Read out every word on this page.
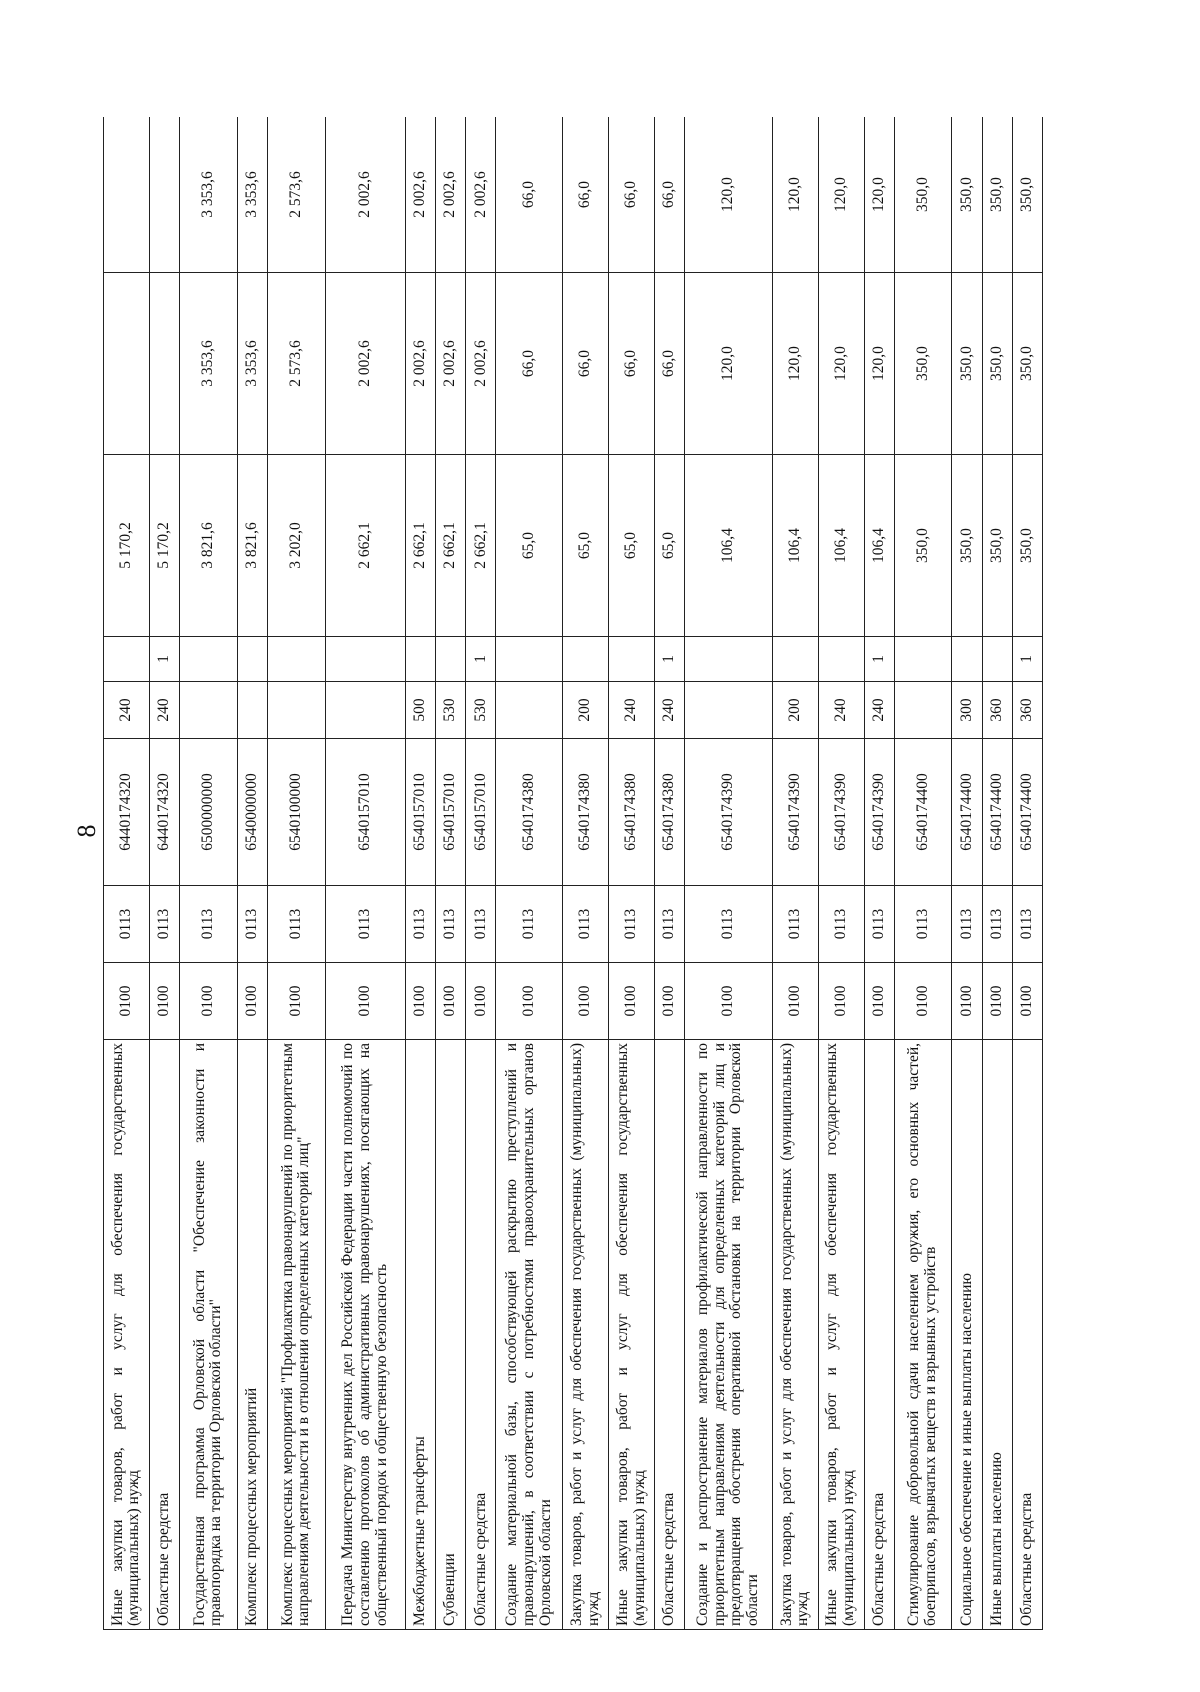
8
Иные закупки товаров, работ и услуг для обеспечения государственных (муниципальных) нужд	0100	0113	6440174320	240		5 170,2		
Областные средства	0100	0113	6440174320	240	1	5 170,2		
Государственная программа Орловской области "Обеспечение законности и правопорядка на территории Орловской области"	0100	0113	6500000000			3 821,6	3 353,6	3 353,6
Комплекс процессных мероприятий	0100	0113	6540000000			3 821,6	3 353,6	3 353,6
Комплекс процессных мероприятий "Профилактика правонарушений по приоритетным направлениям деятельности и в отношении определенных категорий лиц"	0100	0113	6540100000			3 202,0	2 573,6	2 573,6
Передача Министерству внутренних дел Российской Федерации части полномочий по составлению протоколов об административных правонарушениях, посягающих на общественный порядок и общественную безопасность	0100	0113	6540157010			2 662,1	2 002,6	2 002,6
Межбюджетные трансферты	0100	0113	6540157010	500		2 662,1	2 002,6	2 002,6
Субвенции	0100	0113	6540157010	530		2 662,1	2 002,6	2 002,6
Областные средства	0100	0113	6540157010	530	1	2 662,1	2 002,6	2 002,6
Создание материальной базы, способствующей раскрытию преступлений и правонарушений, в соответствии с потребностями правоохранительных органов Орловской области	0100	0113	6540174380			65,0	66,0	66,0
Закупка товаров, работ и услуг для обеспечения государственных (муниципальных) нужд	0100	0113	6540174380	200		65,0	66,0	66,0
Иные закупки товаров, работ и услуг для обеспечения государственных (муниципальных) нужд	0100	0113	6540174380	240		65,0	66,0	66,0
Областные средства	0100	0113	6540174380	240	1	65,0	66,0	66,0
Создание и распространение материалов профилактической направленности по приоритетным направлениям деятельности для определенных категорий лиц и предотвращения обострения оперативной обстановки на территории Орловской области	0100	0113	6540174390			106,4	120,0	120,0
Закупка товаров, работ и услуг для обеспечения государственных (муниципальных) нужд	0100	0113	6540174390	200		106,4	120,0	120,0
Иные закупки товаров, работ и услуг для обеспечения государственных (муниципальных) нужд	0100	0113	6540174390	240		106,4	120,0	120,0
Областные средства	0100	0113	6540174390	240	1	106,4	120,0	120,0
Стимулирование добровольной сдачи населением оружия, его основных частей, боеприпасов, взрывчатых веществ и взрывных устройств	0100	0113	6540174400			350,0	350,0	350,0
Социальное обеспечение и иные выплаты населению	0100	0113	6540174400	300		350,0	350,0	350,0
Иные выплаты населению	0100	0113	6540174400	360		350,0	350,0	350,0
Областные средства	0100	0113	6540174400	360	1	350,0	350,0	350,0
